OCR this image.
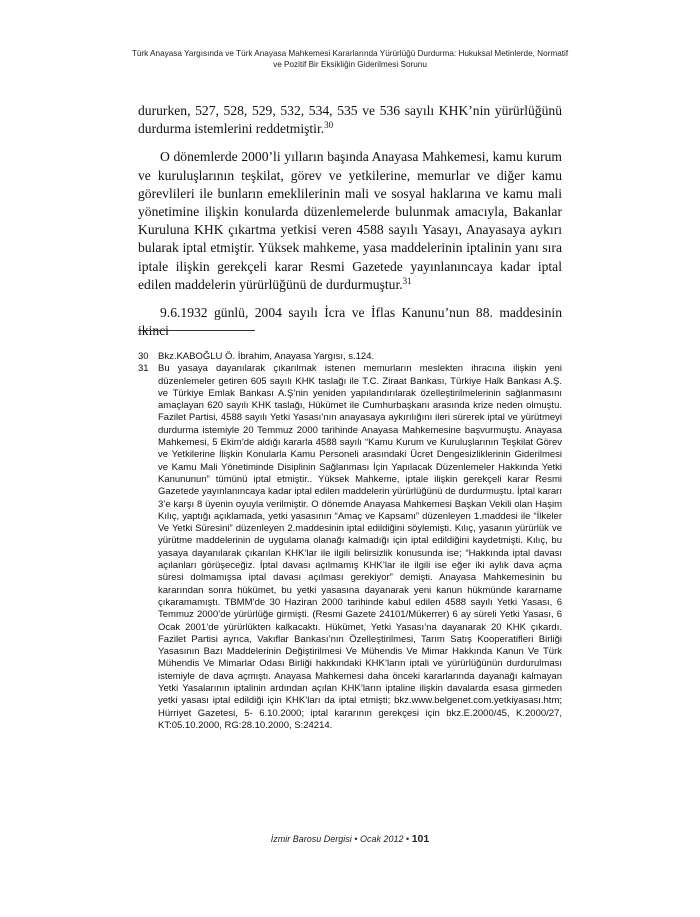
Türk Anayasa Yargısında ve Türk Anayasa Mahkemesi Kararlarında Yürürlüğü Durdurma: Hukuksal Metinlerde, Normatif
ve Pozitif Bir Eksikliğin Giderilmesi Sorunu

dururken, 527, 528, 529, 532, 534, 535 ve 536 sayılı KHK’nin yürürlüğünü durdurma istemlerini reddetmiştir.$^{30}$

O dönemlerde 2000’li yılların başında Anayasa Mahkemesi, kamu kurum ve kuruluşlarının teşkilat, görev ve yetkilerine, memurlar ve diğer kamu görevlileri ile bunların emeklilerinin mali ve sosyal haklarına ve kamu mali yönetimine ilişkin konularda düzenlemelerde bulunmak amacıyla, Bakanlar Kuruluna KHK çıkartma yetkisi veren 4588 sayılı Yasayı, Anayasaya aykırı bularak iptal etmiştir. Yüksek mahkeme, yasa maddelerinin iptalinin yanı sıra iptale ilişkin gerekçeli karar Resmi Gazetede yayınlanıncaya kadar iptal edilen maddelerin yürürlüğünü de durdurmuştur.$^{31}$

9.6.1932 günlü, 2004 sayılı İcra ve İflas Kanunu’nun 88. maddesinin ikinci

30 Bkz.KABOĞLU Ö. İbrahim, Anayasa Yargısı, s.124.
31 Bu yasaya dayanılarak çıkarılmak istenen memurların meslekten ihracına ilişkin yeni düzenlemeler getiren 605 sayılı KHK taslağı ile T.C. Ziraat Bankası, Türkiye Halk Bankası A.Ş. ve Türkiye Emlak Bankası A.Ş’nin yeniden yapılandırılarak özelleştirilmelerinin sağlanmasını amaçlayan 620 sayılı KHK taslağı, Hükümet ile Cumhurbaşkanı arasında krize neden olmuştu. Fazilet Partisi, 4588 sayılı Yetki Yasası’nın anayasaya aykırılığını ileri sürerek iptal ve yürütmeyi durdurma istemiyle 20 Temmuz 2000 tarihinde Anayasa Mahkemesine başvurmuştu. Anayasa Mahkemesi, 5 Ekim’de aldığı kararla 4588 sayılı “Kamu Kurum ve Kuruluşlarının Teşkilat Görev ve Yetkilerine İlişkin Konularla Kamu Personeli arasındaki Ücret Dengesizliklerinin Giderilmesi ve Kamu Mali Yönetiminde Disiplinin Sağlanması İçin Yapılacak Düzenlemeler Hakkında Yetki Kanununun” tümünü iptal etmiştir.. Yüksek Mahkeme, iptale ilişkin gerekçeli karar Resmi Gazetede yayınlanıncaya kadar iptal edilen maddelerin yürürlüğünü de durdurmuştu. İptal kararı 3’e karşı 8 üyenin oyuyla verilmiştir. O dönemde Anayasa Mahkemesi Başkan Vekili olan Haşim Kılıç, yaptığı açıklamada, yetki yasasının “Amaç ve Kapsamı” düzenleyen 1.maddesi ile “İlkeler Ve Yetki Süresini” düzenleyen 2.maddesinin iptal edildiğini söylemişti. Kılıç, yasanın yürürlük ve yürütme maddelerinin de uygulama olanağı kalmadığı için iptal edildiğini kaydetmişti. Kılıç, bu yasaya dayanılarak çıkarılan KHK’lar ile ilgili belirsizlik konusunda ise; “Hakkında iptal davası açılanları görüşeceğiz. İptal davası açılmamış KHK’lar ile ilgili ise eğer iki aylık dava açma süresi dolmamışsa iptal davası açılması gerekiyor” demişti. Anayasa Mahkemesinin bu kararından sonra hükümet, bu yetki yasasına dayanarak yeni kanun hükmünde kararname çıkaramamıştı. TBMM’de 30 Haziran 2000 tarihinde kabul edilen 4588 sayılı Yetki Yasası, 6 Temmuz 2000’de yürürlüğe girmişti. (Resmi Gazete 24101/Mükerrer) 6 ay süreli Yetki Yasası, 6 Ocak 2001’de yürürlükten kalkacaktı. Hükümet, Yetki Yasası’na dayanarak 20 KHK çıkardı. Fazilet Partisi ayrıca, Vakıflar Bankası’nın Özelleştirilmesi, Tarım Satış Kooperatifleri Birliği Yasasının Bazı Maddelerinin Değiştirilmesi Ve Mühendis Ve Mimar Hakkında Kanun Ve Türk Mühendis Ve Mimarlar Odası Birliği hakkındaki KHK’ların iptali ve yürürlüğünün durdurulması istemiyle de dava açmıştı. Anayasa Mahkemesi daha önceki kararlarında dayanağı kalmayan Yetki Yasalarının iptalinin ardından açılan KHK’ların iptaline ilişkin davalarda esasa girmeden yetki yasası iptal edildiği için KHK’ları da iptal etmişti; bkz.www.belgenet.com.yetkiyasası.htm; Hürriyet Gazetesi, 5- 6.10.2000; iptal kararının gerekçesi için bkz.E.2000/45, K.2000/27, KT:05.10.2000, RG:28.10.2000, S:24214.
İzmir Barosu Dergisi • Ocak 2012 • 101
